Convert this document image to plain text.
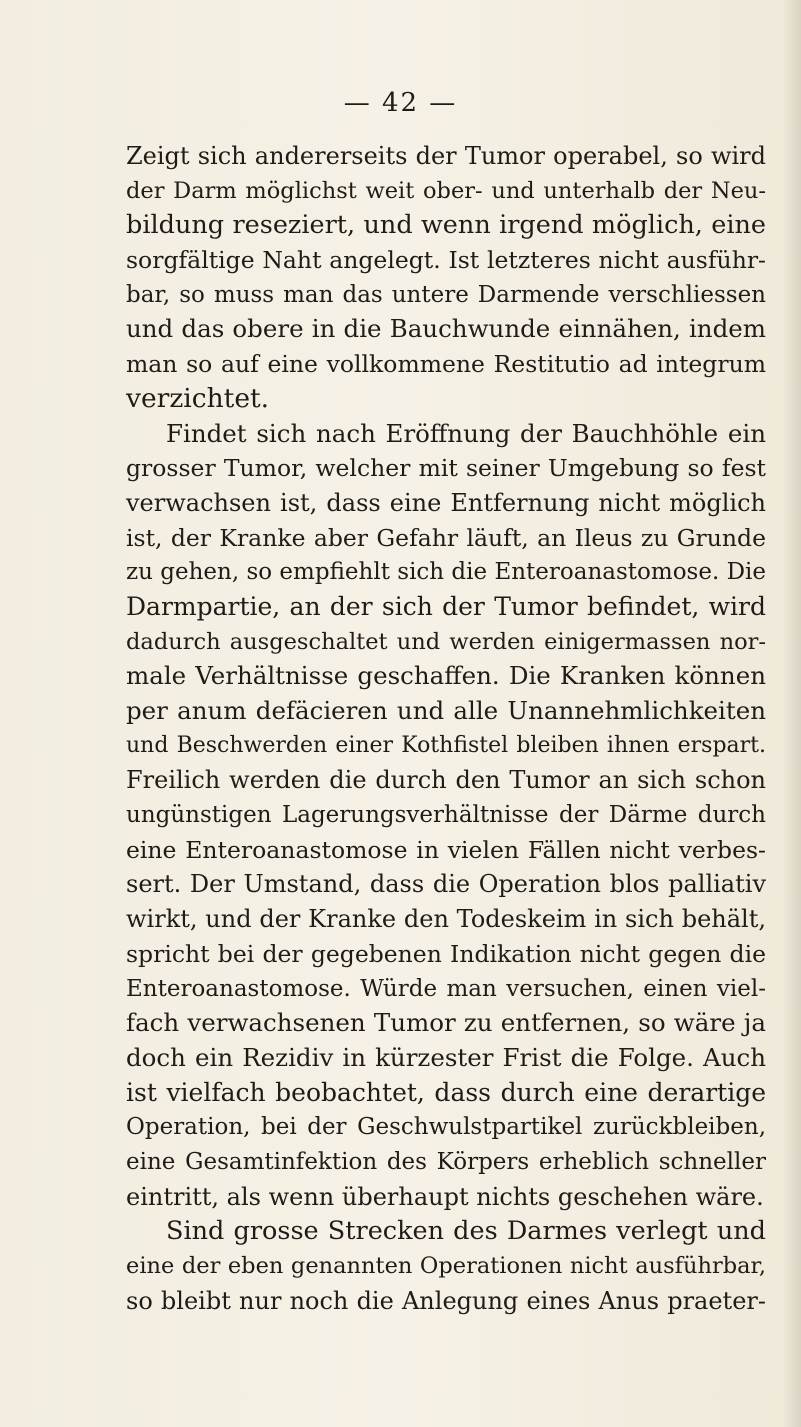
— 42 —
Zeigt sich andererseits der Tumor operabel, so wird
der Darm möglichst weit ober- und unterhalb der Neu-
bildung reseziert, und wenn irgend möglich, eine
sorgfältige Naht angelegt. Ist letzteres nicht ausführ-
bar, so muss man das untere Darmende verschliessen
und das obere in die Bauchwunde einnähen, indem
man so auf eine vollkommene Restitutio ad integrum
verzichtet.
Findet sich nach Eröffnung der Bauchhöhle ein
grosser Tumor, welcher mit seiner Umgebung so fest
verwachsen ist, dass eine Entfernung nicht möglich
ist, der Kranke aber Gefahr läuft, an Ileus zu Grunde
zu gehen, so empfiehlt sich die Enteroanastomose. Die
Darmpartie, an der sich der Tumor befindet, wird
dadurch ausgeschaltet und werden einigermassen nor-
male Verhältnisse geschaffen. Die Kranken können
per anum defäcieren und alle Unannehmlichkeiten
und Beschwerden einer Kothfistel bleiben ihnen erspart.
Freilich werden die durch den Tumor an sich schon
ungünstigen Lagerungsverhältnisse der Därme durch
eine Enteroanastomose in vielen Fällen nicht verbes-
sert. Der Umstand, dass die Operation blos palliativ
wirkt, und der Kranke den Todeskeim in sich behält,
spricht bei der gegebenen Indikation nicht gegen die
Enteroanastomose. Würde man versuchen, einen viel-
fach verwachsenen Tumor zu entfernen, so wäre ja
doch ein Rezidiv in kürzester Frist die Folge. Auch
ist vielfach beobachtet, dass durch eine derartige
Operation, bei der Geschwulstpartikel zurückbleiben,
eine Gesamtinfektion des Körpers erheblich schneller
eintritt, als wenn überhaupt nichts geschehen wäre.
Sind grosse Strecken des Darmes verlegt und
eine der eben genannten Operationen nicht ausführbar,
so bleibt nur noch die Anlegung eines Anus praeter-
